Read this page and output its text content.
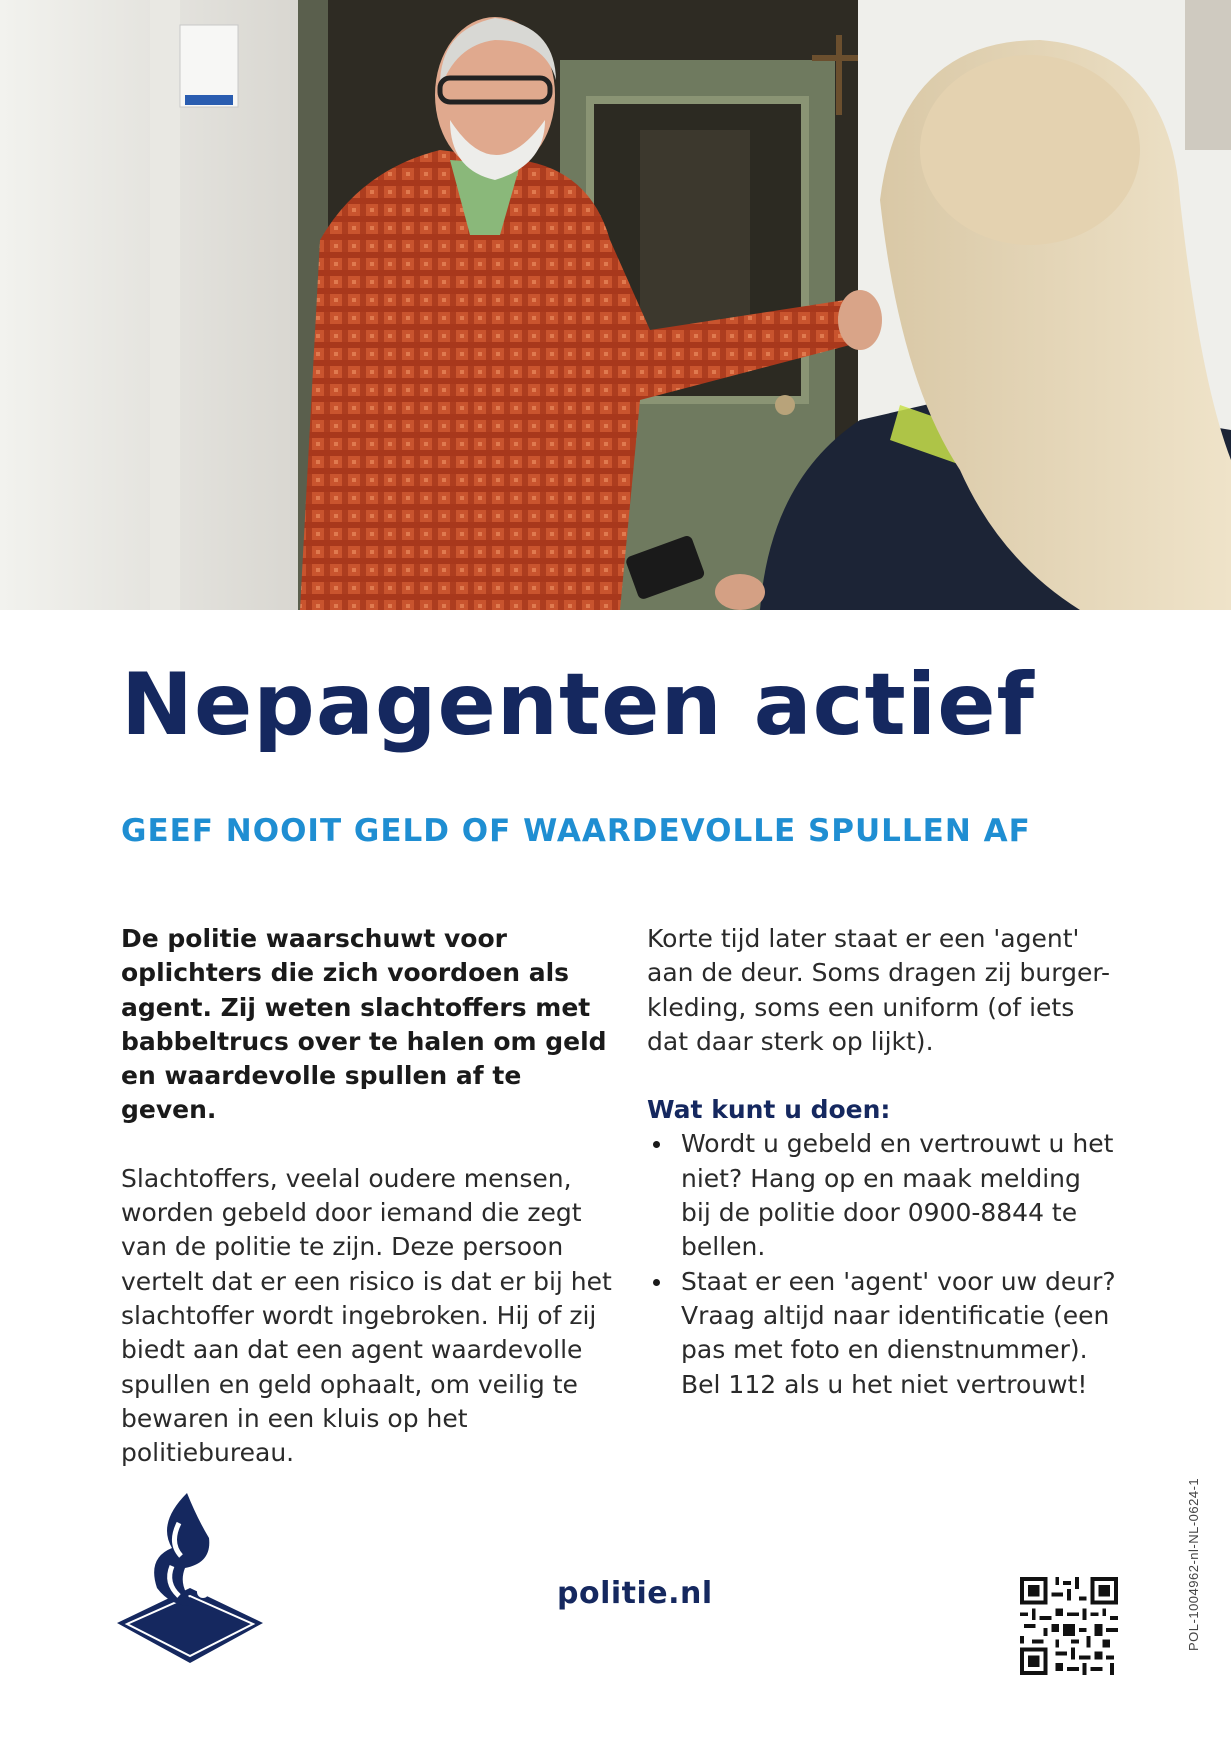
Nepagenten actief
GEEF NOOIT GELD OF WAARDEVOLLE SPULLEN AF

De politie waarschuwt voor oplichters die zich voordoen als agent. Zij weten slachtoffers met babbeltrucs over te halen om geld en waardevolle spullen af te geven.

Slachtoffers, veelal oudere mensen, worden gebeld door iemand die zegt van de politie te zijn. Deze persoon vertelt dat er een risico is dat er bij het slachtoffer wordt ingebroken. Hij of zij biedt aan dat een agent waardevolle spullen en geld ophaalt, om veilig te bewaren in een kluis op het politiebureau.

Korte tijd later staat er een 'agent' aan de deur. Soms dragen zij burger-kleding, soms een uniform (of iets dat daar sterk op lijkt).

Wat kunt u doen:

Wordt u gebeld en vertrouwt u het niet? Hang op en maak melding bij de politie door 0900-8844 te bellen.
Staat er een 'agent' voor uw deur? Vraag altijd naar identificatie (een pas met foto en dienstnummer). Bel 112 als u het niet vertrouwt!
politie.nl	POL-1004962-nl-NL-0624-1
